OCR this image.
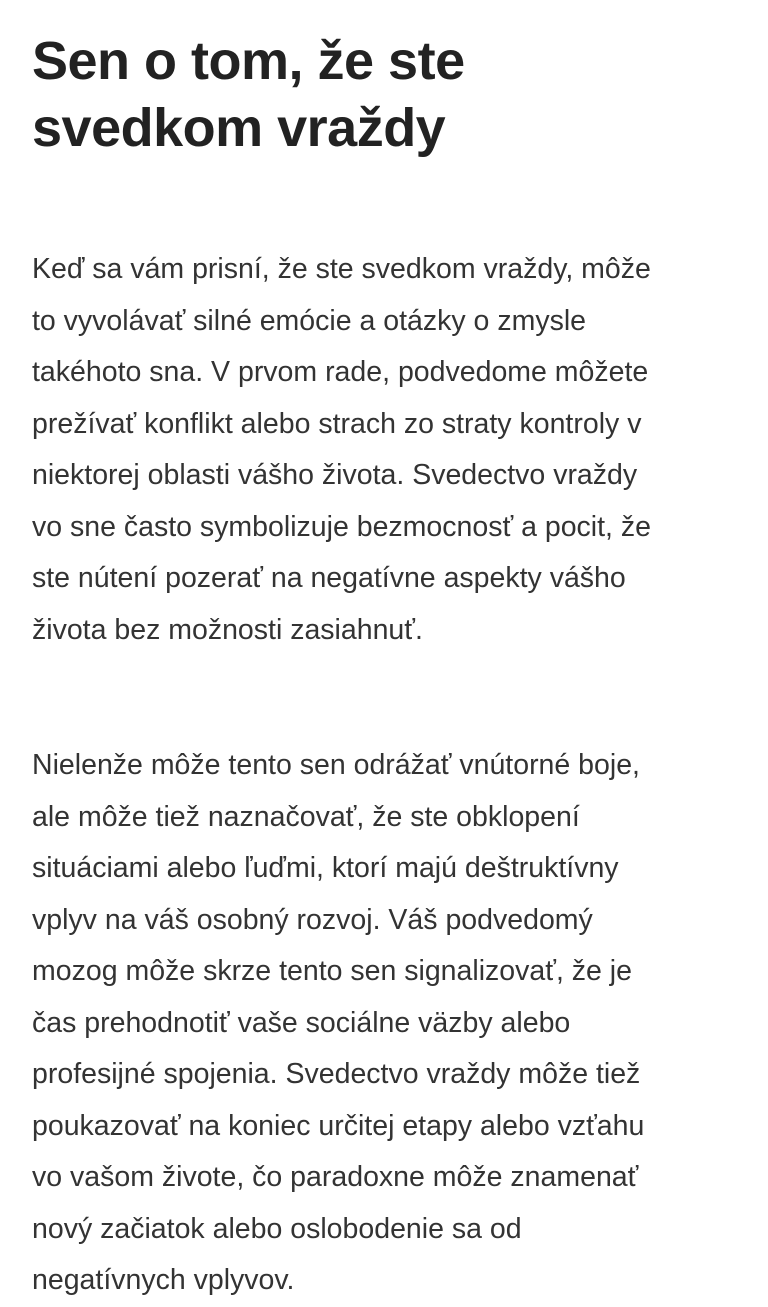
Sen o tom, že ste
svedkom vraždy

Keď sa vám prisní, že ste svedkom vraždy, môže
to vyvolávať silné emócie a otázky o zmysle
takéhoto sna. V prvom rade, podvedome môžete
prežívať konflikt alebo strach zo straty kontroly v
niektorej oblasti vášho života. Svedectvo vraždy
vo sne často symbolizuje bezmocnosť a pocit, že
ste nútení pozerať na negatívne aspekty vášho
života bez možnosti zasiahnuť.

Nielenže môže tento sen odrážať vnútorné boje,
ale môže tiež naznačovať, že ste obklopení
situáciami alebo ľuďmi, ktorí majú deštruktívny
vplyv na váš osobný rozvoj. Váš podvedomý
mozog môže skrze tento sen signalizovať, že je
čas prehodnotiť vaše sociálne väzby alebo
profesijné spojenia. Svedectvo vraždy môže tiež
poukazovať na koniec určitej etapy alebo vzťahu
vo vašom živote, čo paradoxne môže znamenať
nový začiatok alebo oslobodenie sa od
negatívnych vplyvov.
